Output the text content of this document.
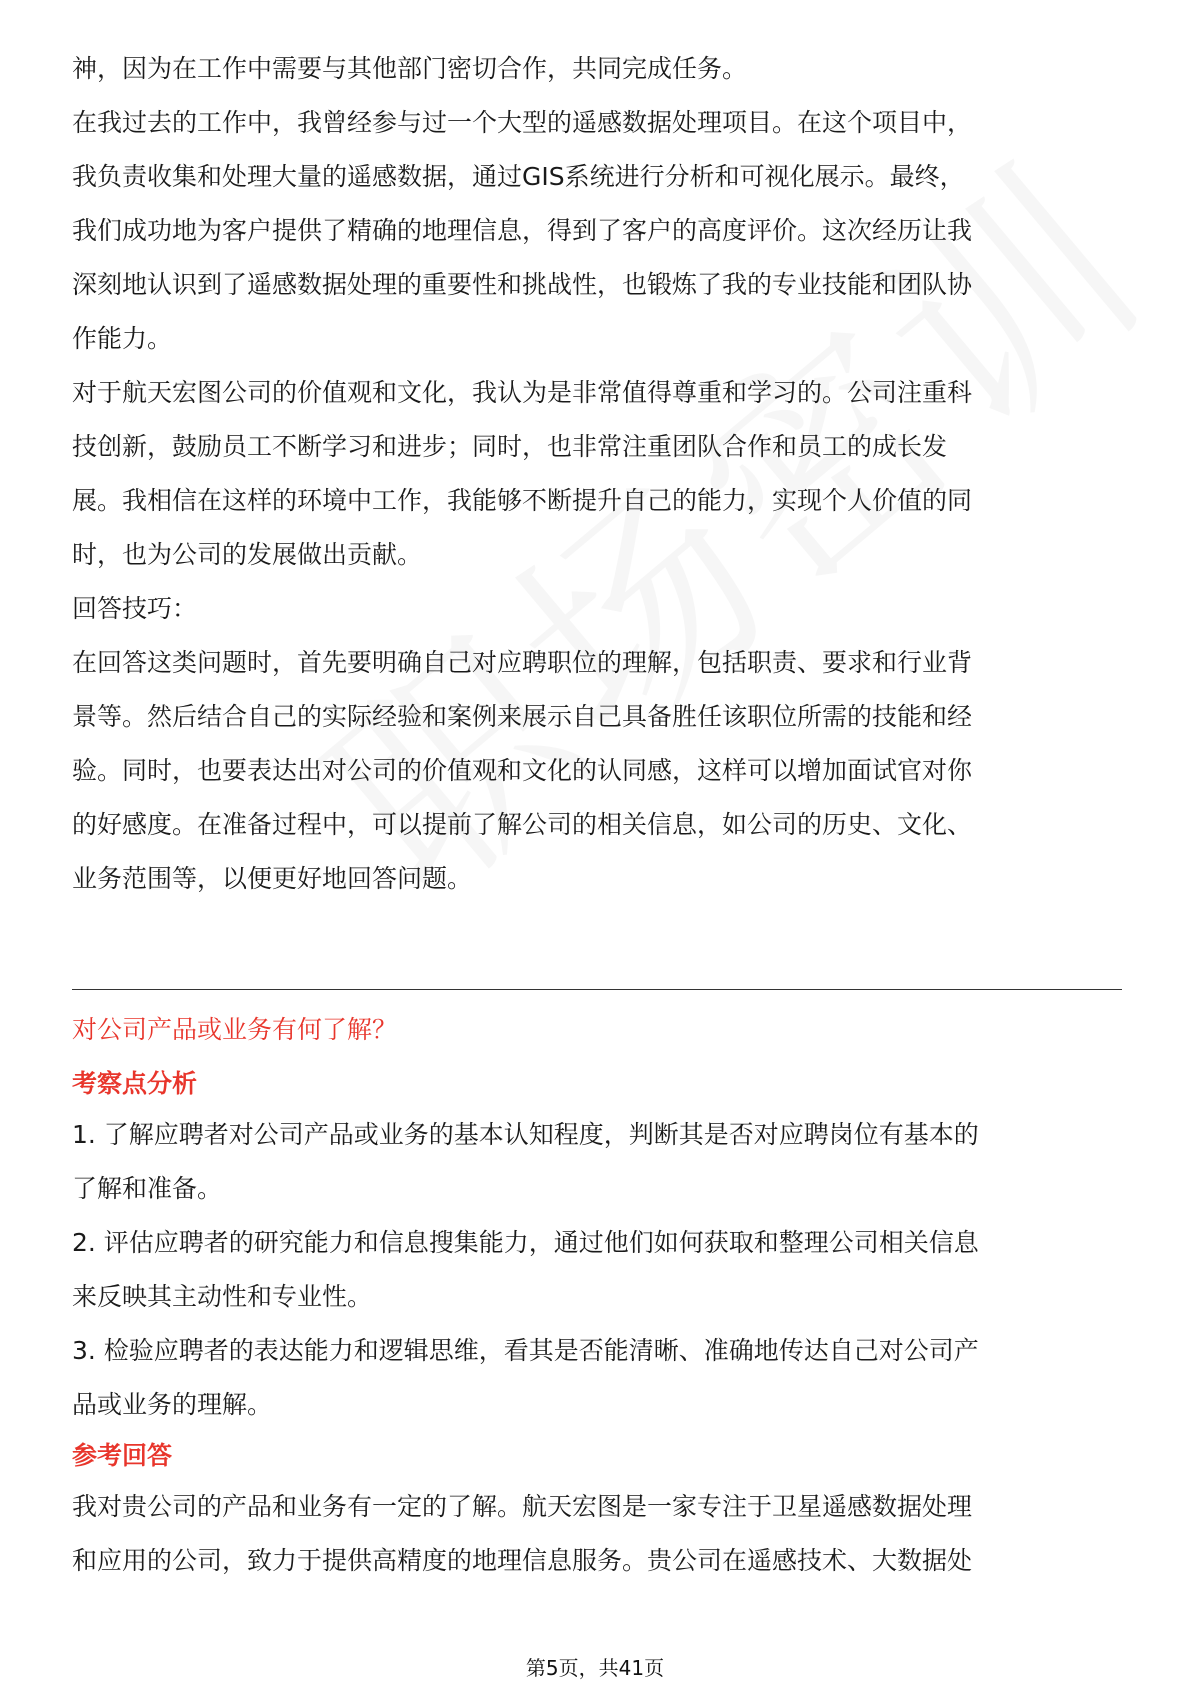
神，因为在工作中需要与其他部门密切合作，共同完成任务。

在我过去的工作中，我曾经参与过一个大型的遥感数据处理项目。在这个项目中，
我负责收集和处理大量的遥感数据，通过GIS系统进行分析和可视化展示。最终，
我们成功地为客户提供了精确的地理信息，得到了客户的高度评价。这次经历让我
深刻地认识到了遥感数据处理的重要性和挑战性，也锻炼了我的专业技能和团队协
作能力。

对于航天宏图公司的价值观和文化，我认为是非常值得尊重和学习的。公司注重科
技创新，鼓励员工不断学习和进步；同时，也非常注重团队合作和员工的成长发
展。我相信在这样的环境中工作，我能够不断提升自己的能力，实现个人价值的同
时，也为公司的发展做出贡献。

回答技巧：

在回答这类问题时，首先要明确自己对应聘职位的理解，包括职责、要求和行业背
景等。然后结合自己的实际经验和案例来展示自己具备胜任该职位所需的技能和经
验。同时，也要表达出对公司的价值观和文化的认同感，这样可以增加面试官对你
的好感度。在准备过程中，可以提前了解公司的相关信息，如公司的历史、文化、
业务范围等，以便更好地回答问题。

对公司产品或业务有何了解？

考察点分析

1. 了解应聘者对公司产品或业务的基本认知程度，判断其是否对应聘岗位有基本的
了解和准备。

2. 评估应聘者的研究能力和信息搜集能力，通过他们如何获取和整理公司相关信息
来反映其主动性和专业性。

3. 检验应聘者的表达能力和逻辑思维，看其是否能清晰、准确地传达自己对公司产
品或业务的理解。

参考回答

我对贵公司的产品和业务有一定的了解。航天宏图是一家专注于卫星遥感数据处理
和应用的公司，致力于提供高精度的地理信息服务。贵公司在遥感技术、大数据处

第5页，共41页
